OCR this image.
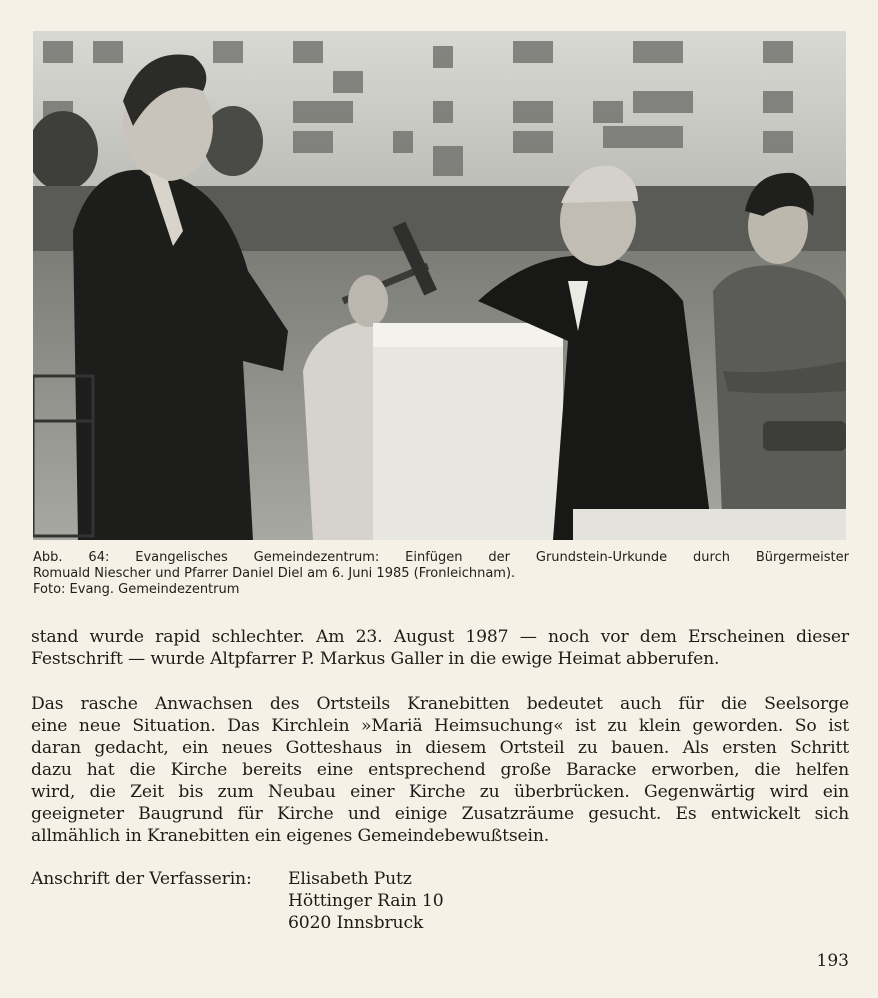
Abb. 64: Evangelisches Gemeindezentrum: Einfügen der Grundstein-Urkunde durch Bürgermeister
Romuald Niescher und Pfarrer Daniel Diel am 6. Juni 1985 (Fronleichnam).
Foto: Evang. Gemeindezentrum
stand wurde rapid schlechter. Am 23. August 1987 — noch vor dem Erscheinen dieser
Festschrift — wurde Altpfarrer P. Markus Galler in die ewige Heimat abberufen.
Das rasche Anwachsen des Ortsteils Kranebitten bedeutet auch für die Seelsorge
eine neue Situation. Das Kirchlein »Mariä Heimsuchung« ist zu klein geworden. So ist
daran gedacht, ein neues Gotteshaus in diesem Ortsteil zu bauen. Als ersten Schritt
dazu hat die Kirche bereits eine entsprechend große Baracke erworben, die helfen
wird, die Zeit bis zum Neubau einer Kirche zu überbrücken. Gegenwärtig wird ein
geeigneter Baugrund für Kirche und einige Zusatzräume gesucht. Es entwickelt sich
allmählich in Kranebitten ein eigenes Gemeindebewußtsein.
Anschrift der Verfasserin:	Elisabeth Putz
Höttinger Rain 10
6020 Innsbruck
193
